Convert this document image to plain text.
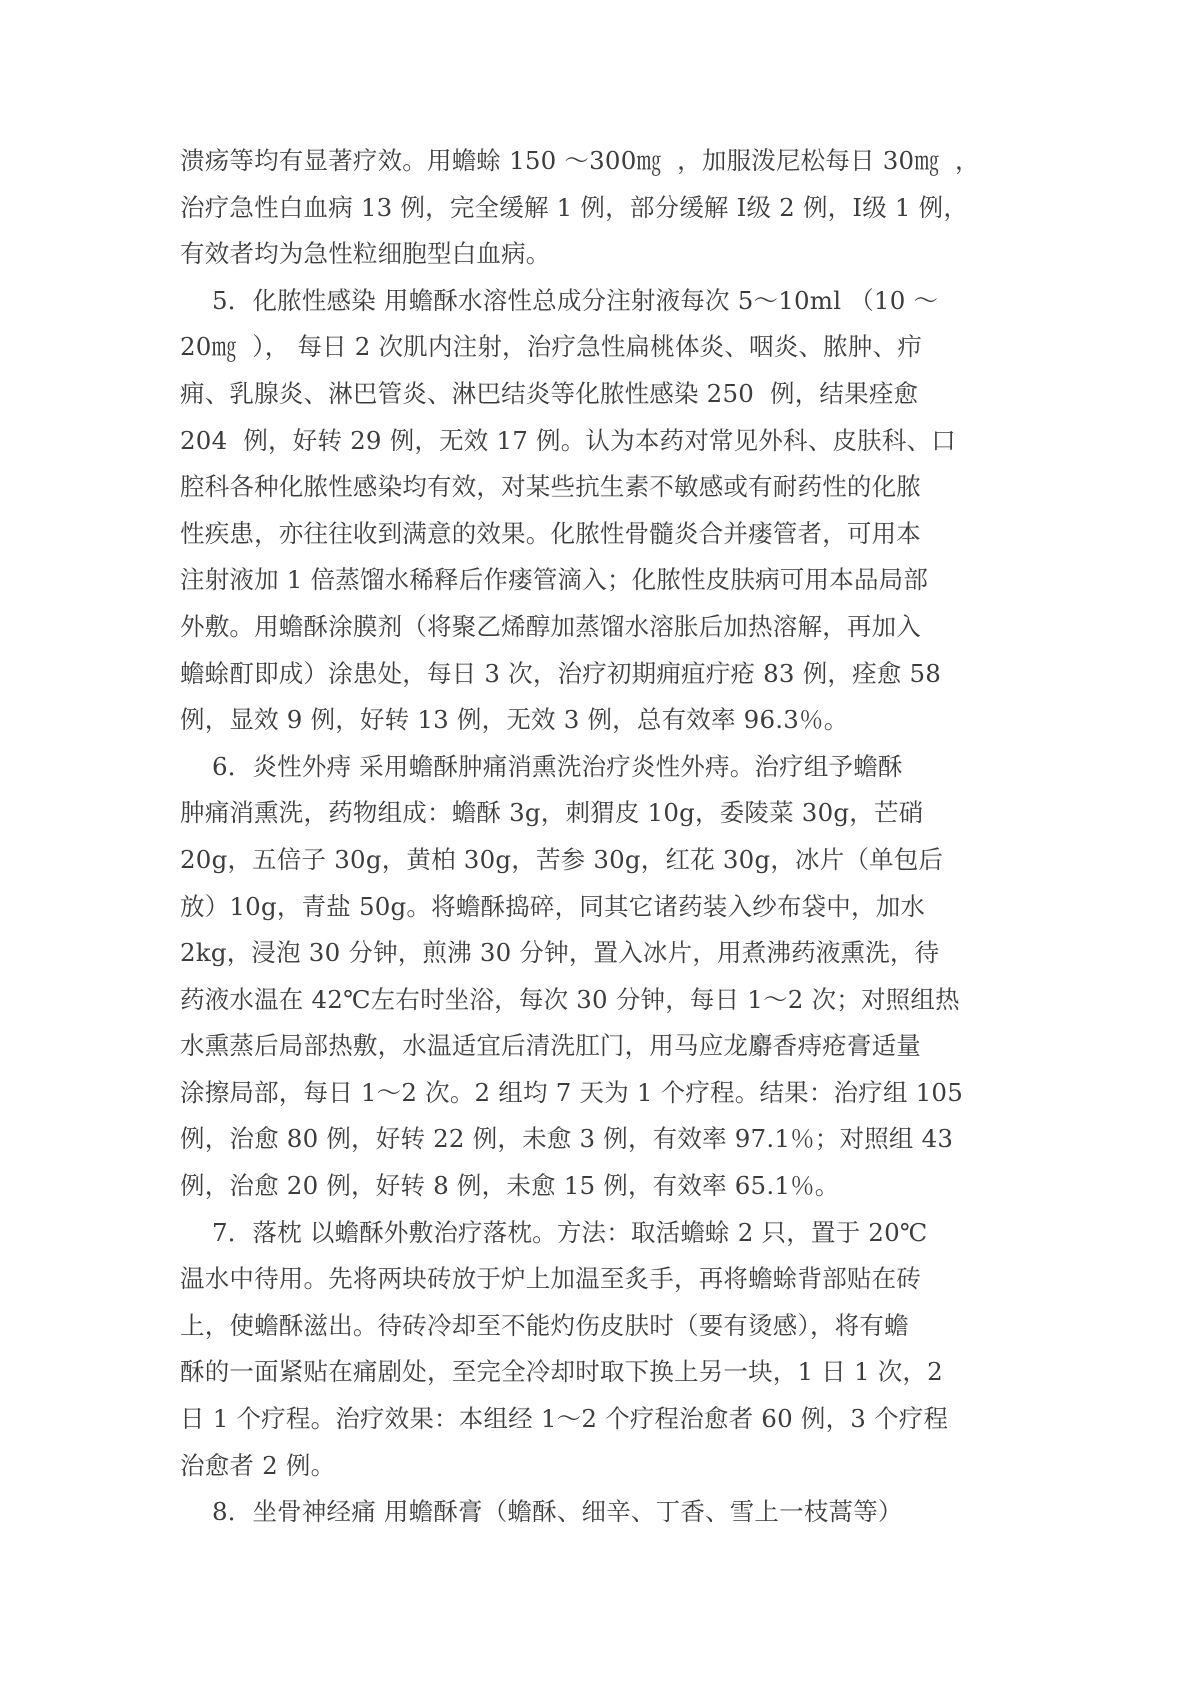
溃疡等均有显著疗效。用蟾蜍 150 ～300㎎  ，加服泼尼松每日 30㎎  ，
治疗急性白血病 13 例，完全缓解 1 例，部分缓解 I级 2 例，I级 1 例，
有效者均为急性粒细胞型白血病。
5．化脓性感染 用蟾酥水溶性总成分注射液每次 5～10ml （10 ～
20㎎  ）， 每日 2 次肌内注射，治疗急性扁桃体炎、咽炎、脓肿、疖
痈、乳腺炎、淋巴管炎、淋巴结炎等化脓性感染 250  例，结果痊愈
204  例，好转 29 例，无效 17 例。认为本药对常见外科、皮肤科、口
腔科各种化脓性感染均有效，对某些抗生素不敏感或有耐药性的化脓
性疾患，亦往往收到满意的效果。化脓性骨髓炎合并瘘管者，可用本
注射液加 1 倍蒸馏水稀释后作瘘管滴入；化脓性皮肤病可用本品局部
外敷。用蟾酥涂膜剂（将聚乙烯醇加蒸馏水溶胀后加热溶解，再加入
蟾蜍酊即成）涂患处，每日 3 次，治疗初期痈疽疔疮 83 例，痊愈 58
例，显效 9 例，好转 13 例，无效 3 例，总有效率 96.3％。
6．炎性外痔 采用蟾酥肿痛消熏洗治疗炎性外痔。治疗组予蟾酥
肿痛消熏洗，药物组成：蟾酥 3g，刺猬皮 10g，委陵菜 30g，芒硝
20g，五倍子 30g，黄柏 30g，苦参 30g，红花 30g，冰片（单包后
放）10g，青盐 50g。将蟾酥捣碎，同其它诸药装入纱布袋中，加水
2kg，浸泡 30 分钟，煎沸 30 分钟，置入冰片，用煮沸药液熏洗，待
药液水温在 42℃左右时坐浴，每次 30 分钟，每日 1～2 次；对照组热
水熏蒸后局部热敷，水温适宜后清洗肛门，用马应龙麝香痔疮膏适量
涂擦局部，每日 1～2 次。2 组均 7 天为 1 个疗程。结果：治疗组 105
例，治愈 80 例，好转 22 例，未愈 3 例，有效率 97.1％；对照组 43
例，治愈 20 例，好转 8 例，未愈 15 例，有效率 65.1％。
7．落枕 以蟾酥外敷治疗落枕。方法：取活蟾蜍 2 只，置于 20℃
温水中待用。先将两块砖放于炉上加温至炙手，再将蟾蜍背部贴在砖
上，使蟾酥滋出。待砖冷却至不能灼伤皮肤时（要有烫感），将有蟾
酥的一面紧贴在痛剧处，至完全冷却时取下换上另一块，1 日 1 次，2
日 1 个疗程。治疗效果：本组经 1～2 个疗程治愈者 60 例，3 个疗程
治愈者 2 例。
8．坐骨神经痛 用蟾酥膏（蟾酥、细辛、丁香、雪上一枝蒿等）
